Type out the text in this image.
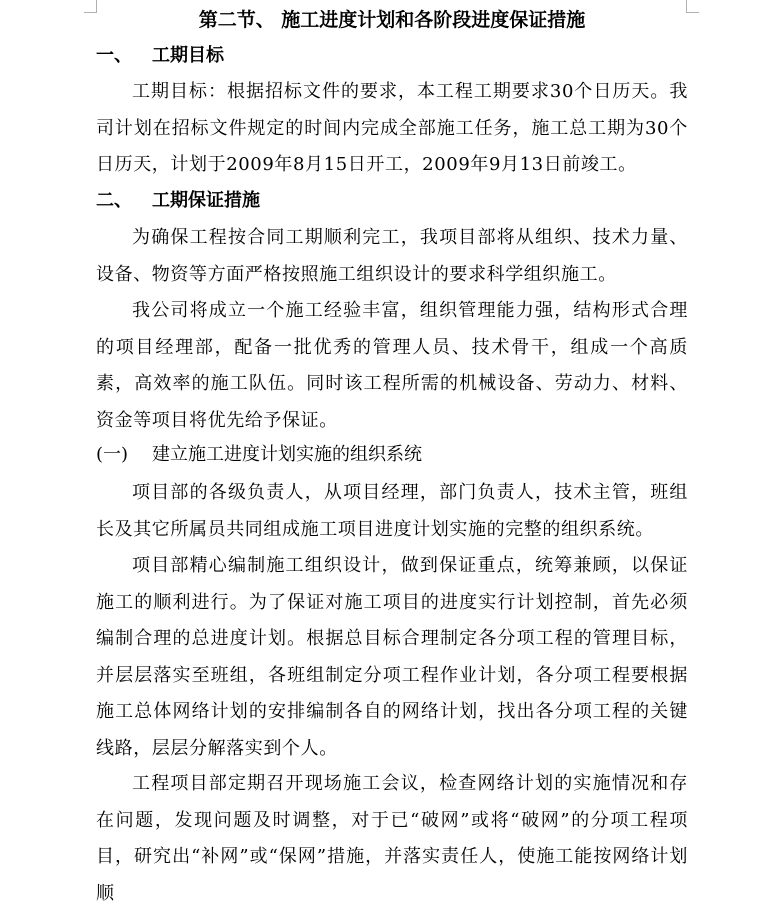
第二节、 施工进度计划和各阶段进度保证措施
一、 工期目标
工期目标：根据招标文件的要求，本工程工期要求30个日历天。我司计划在招标文件规定的时间内完成全部施工任务，施工总工期为30个日历天，计划于2009年8月15日开工，2009年9月13日前竣工。
二、 工期保证措施
为确保工程按合同工期顺利完工，我项目部将从组织、技术力量、设备、物资等方面严格按照施工组织设计的要求科学组织施工。
我公司将成立一个施工经验丰富，组织管理能力强，结构形式合理的项目经理部，配备一批优秀的管理人员、技术骨干，组成一个高质素，高效率的施工队伍。同时该工程所需的机械设备、劳动力、材料、资金等项目将优先给予保证。
(一) 建立施工进度计划实施的组织系统
项目部的各级负责人，从项目经理，部门负责人，技术主管，班组长及其它所属员共同组成施工项目进度计划实施的完整的组织系统。
项目部精心编制施工组织设计，做到保证重点，统筹兼顾，以保证施工的顺利进行。为了保证对施工项目的进度实行计划控制，首先必须编制合理的总进度计划。根据总目标合理制定各分项工程的管理目标，并层层落实至班组，各班组制定分项工程作业计划，各分项工程要根据施工总体网络计划的安排编制各自的网络计划，找出各分项工程的关键线路，层层分解落实到个人。
工程项目部定期召开现场施工会议，检查网络计划的实施情况和存在问题，发现问题及时调整，对于已“破网”或将“破网”的分项工程项目，研究出“补网”或“保网”措施，并落实责任人，使施工能按网络计划顺
